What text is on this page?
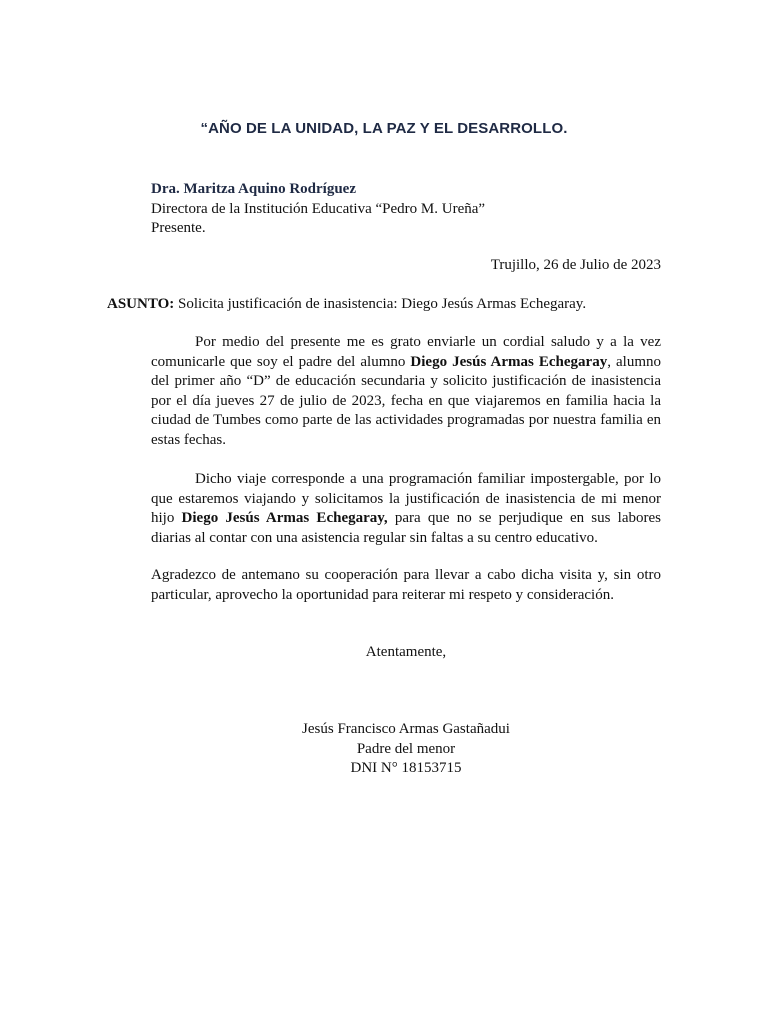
“AÑO DE LA UNIDAD, LA PAZ Y EL DESARROLLO.
Dra. Maritza Aquino Rodríguez
Directora de la Institución Educativa “Pedro M. Ureña”
Presente.
Trujillo, 26 de Julio de 2023
ASUNTO: Solicita justificación de inasistencia: Diego Jesús Armas Echegaray.
Por medio del presente me es grato enviarle un cordial saludo y a la vez comunicarle que soy el padre del alumno Diego Jesús Armas Echegaray, alumno del primer año “D” de educación secundaria y solicito justificación de inasistencia por el día jueves 27 de julio de 2023, fecha en que viajaremos en familia hacia la ciudad de Tumbes como parte de las actividades programadas por nuestra familia en estas fechas.
Dicho viaje corresponde a una programación familiar impostergable, por lo que estaremos viajando y solicitamos la justificación de inasistencia de mi menor hijo Diego Jesús Armas Echegaray, para que no se perjudique en sus labores diarias al contar con una asistencia regular sin faltas a su centro educativo.
Agradezco de antemano su cooperación para llevar a cabo dicha visita y, sin otro particular, aprovecho la oportunidad para reiterar mi respeto y consideración.
Atentamente,
Jesús Francisco Armas Gastañadui
Padre del menor
DNI N° 18153715
